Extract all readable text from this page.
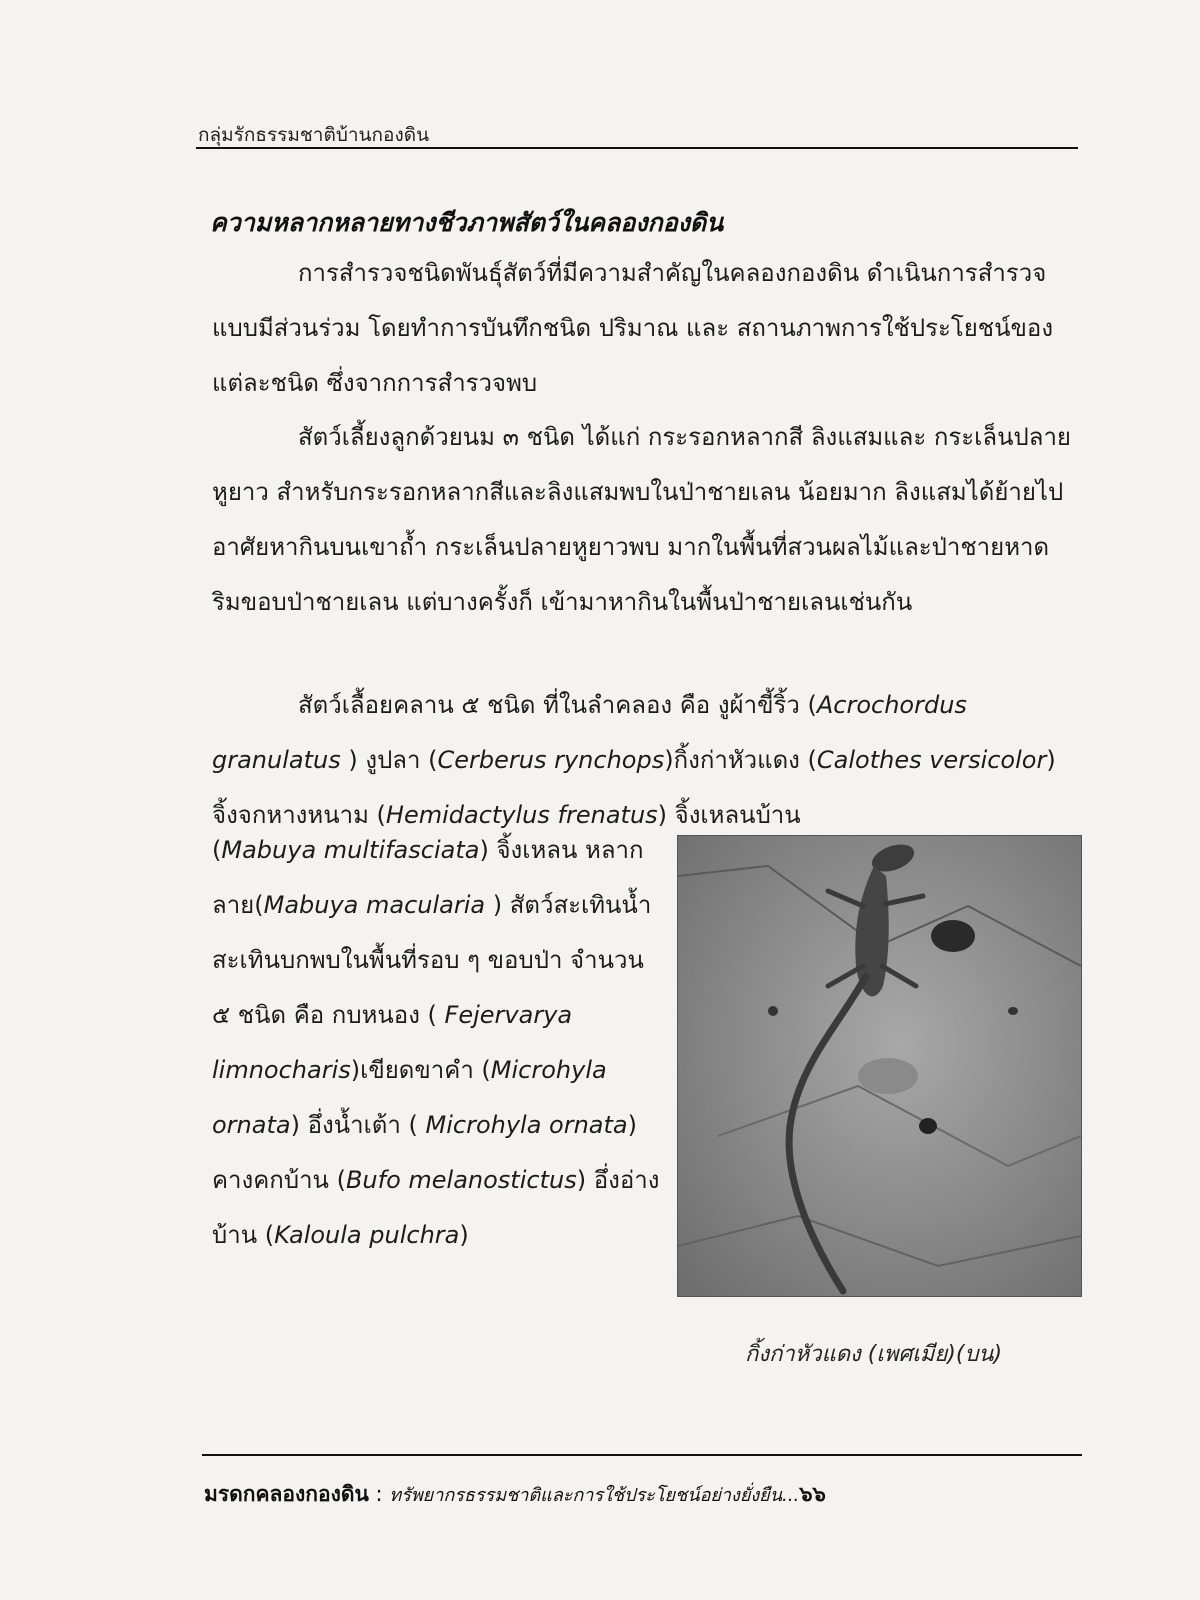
กลุ่มรักธรรมชาติบ้านกองดิน
ความหลากหลายทางชีวภาพสัตว์ในคลองกองดิน

การสำรวจชนิดพันธุ์สัตว์ที่มีความสำคัญในคลองกองดิน ดำเนินการสำรวจแบบมีส่วนร่วม โดยทำการบันทึกชนิด ปริมาณ และ สถานภาพการใช้ประโยชน์ของแต่ละชนิด ซึ่งจากการสำรวจพบ

สัตว์เลี้ยงลูกด้วยนม ๓ ชนิด ได้แก่ กระรอกหลากสี ลิงแสมและ กระเล็นปลายหูยาว สำหรับกระรอกหลากสีและลิงแสมพบในป่าชายเลน น้อยมาก ลิงแสมได้ย้ายไปอาศัยหากินบนเขาถ้ำ กระเล็นปลายหูยาวพบ มากในพื้นที่สวนผลไม้และป่าชายหาดริมขอบป่าชายเลน แต่บางครั้งก็ เข้ามาหากินในพื้นป่าชายเลนเช่นกัน

สัตว์เลื้อยคลาน ๕ ชนิด ที่ในลำคลอง คือ งูผ้าขี้ริ้ว (Acrochordus granulatus ) งูปลา (Cerberus rynchops)กิ้งก่าหัวแดง (Calothes versicolor) จิ้งจกหางหนาม (Hemidactylus frenatus) จิ้งเหลนบ้าน

(Mabuya multifasciata) จิ้งเหลน หลากลาย(Mabuya macularia ) สัตว์สะเทินน้ำสะเทินบกพบในพื้นที่รอบ ๆ ขอบป่า จำนวน ๕ ชนิด คือ กบหนอง ( Fejervarya limnocharis)เขียดขาคำ (Microhyla ornata) อึ่งน้ำเต้า ( Microhyla ornata) คางคกบ้าน (Bufo melanostictus) อึ่งอ่างบ้าน (Kaloula pulchra)

กิ้งก่าหัวแดง (เพศเมีย)(บน)
มรดกคลองกองดิน : ทรัพยากรธรรมชาติและการใช้ประโยชน์อย่างยั่งยืน...๖๖
